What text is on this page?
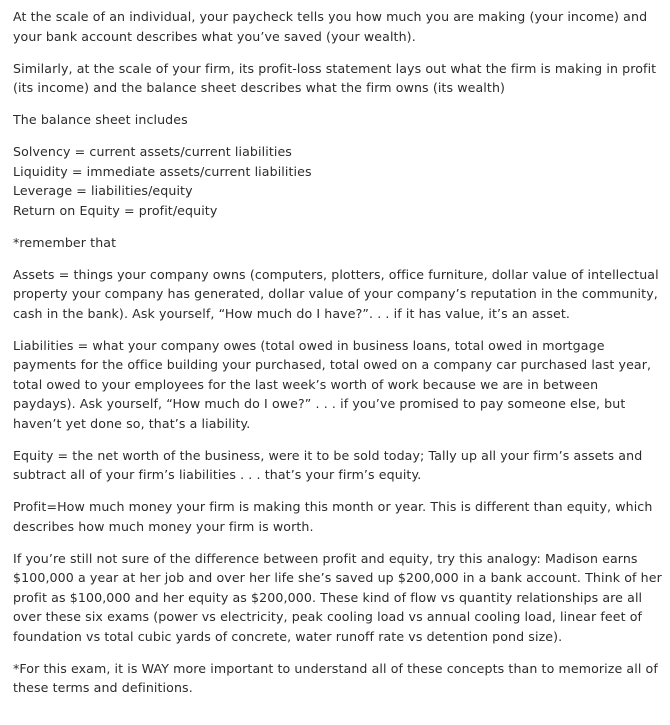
At the scale of an individual, your paycheck tells you how much you are making (your income) and your bank account describes what you’ve saved (your wealth).

Similarly, at the scale of your firm, its profit-loss statement lays out what the firm is making in profit (its income) and the balance sheet describes what the firm owns (its wealth)

The balance sheet includes

Solvency = current assets/current liabilities
Liquidity = immediate assets/current liabilities
Leverage = liabilities/equity
Return on Equity = profit/equity

*remember that

Assets = things your company owns (computers, plotters, office furniture, dollar value of intellectual property your company has generated, dollar value of your company’s reputation in the community, cash in the bank). Ask yourself, “How much do I have?”. . . if it has value, it’s an asset.

Liabilities = what your company owes (total owed in business loans, total owed in mortgage payments for the office building your purchased, total owed on a company car purchased last year, total owed to your employees for the last week’s worth of work because we are in between paydays). Ask yourself, “How much do I owe?” . . . if you’ve promised to pay someone else, but haven’t yet done so, that’s a liability.

Equity = the net worth of the business, were it to be sold today; Tally up all your firm’s assets and subtract all of your firm’s liabilities . . . that’s your firm’s equity.

Profit=How much money your firm is making this month or year. This is different than equity, which describes how much money your firm is worth.

If you’re still not sure of the difference between profit and equity, try this analogy: Madison earns $100,000 a year at her job and over her life she’s saved up $200,000 in a bank account. Think of her profit as $100,000 and her equity as $200,000. These kind of flow vs quantity relationships are all over these six exams (power vs electricity, peak cooling load vs annual cooling load, linear feet of foundation vs total cubic yards of concrete, water runoff rate vs detention pond size).

*For this exam, it is WAY more important to understand all of these concepts than to memorize all of these terms and definitions.
